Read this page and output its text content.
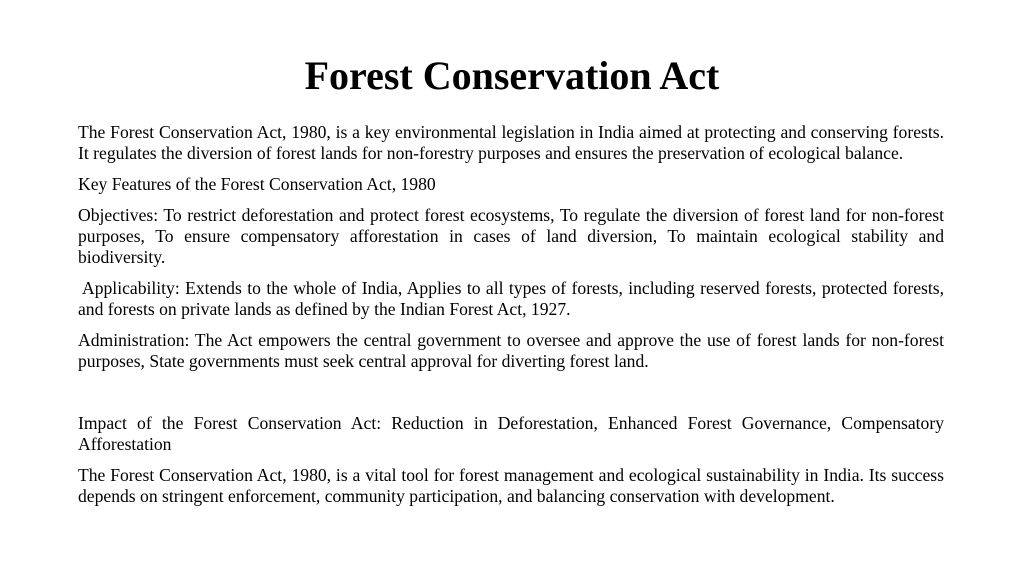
Forest Conservation Act

The Forest Conservation Act, 1980, is a key environmental legislation in India aimed at protecting and conserving forests. It regulates the diversion of forest lands for non-forestry purposes and ensures the preservation of ecological balance.

Key Features of the Forest Conservation Act, 1980

Objectives: To restrict deforestation and protect forest ecosystems, To regulate the diversion of forest land for non-forest purposes, To ensure compensatory afforestation in cases of land diversion, To maintain ecological stability and biodiversity.

Applicability: Extends to the whole of India, Applies to all types of forests, including reserved forests, protected forests, and forests on private lands as defined by the Indian Forest Act, 1927.

Administration: The Act empowers the central government to oversee and approve the use of forest lands for non-forest purposes, State governments must seek central approval for diverting forest land.

Impact of the Forest Conservation Act: Reduction in Deforestation, Enhanced Forest Governance, Compensatory Afforestation

The Forest Conservation Act, 1980, is a vital tool for forest management and ecological sustainability in India. Its success depends on stringent enforcement, community participation, and balancing conservation with development.
